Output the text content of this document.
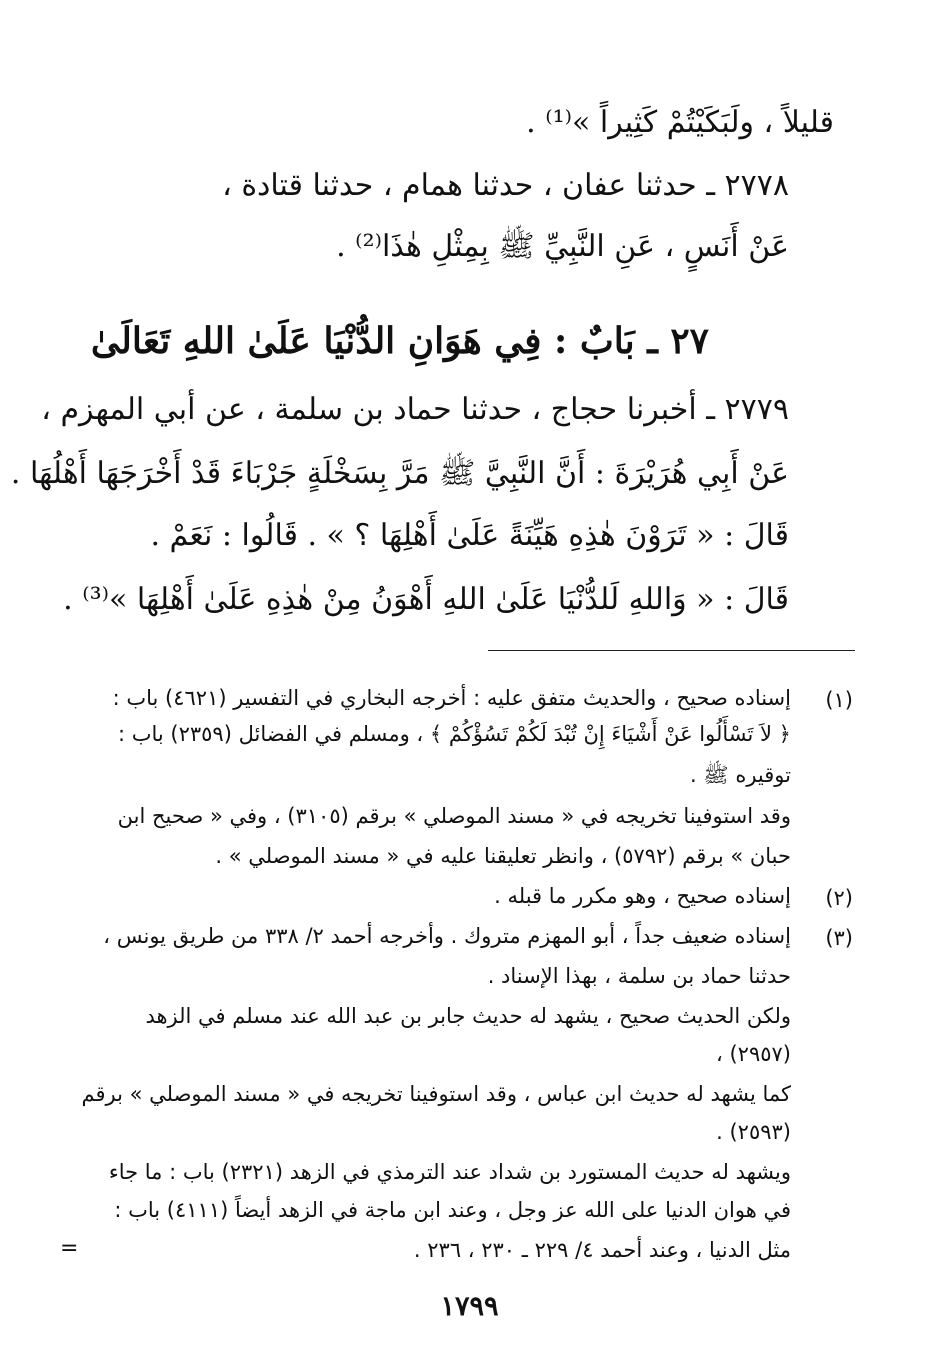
قليلاً ، ولَبَكَيْتُمْ كَثِيراً »⁽¹⁾ .
٢٧٧٨ ـ حدثنا عفان ، حدثنا همام ، حدثنا قتادة ،
عَنْ أَنَسٍ ، عَنِ النَّبِيِّ ﷺ بِمِثْلِ هٰذَا⁽²⁾ .
٢٧ ـ بَابٌ : فِي هَوَانِ الدُّنْيَا عَلَىٰ اللهِ تَعَالَىٰ
٢٧٧٩ ـ أخبرنا حجاج ، حدثنا حماد بن سلمة ، عن أبي المهزم ،
عَنْ أَبِي هُرَيْرَةَ : أَنَّ النَّبِيَّ ﷺ مَرَّ بِسَخْلَةٍ جَرْبَاءَ قَدْ أَخْرَجَهَا أَهْلُهَا .
قَالَ : « تَرَوْنَ هٰذِهِ هَيِّنَةً عَلَىٰ أَهْلِهَا ؟ » . قَالُوا : نَعَمْ .
قَالَ : « وَاللهِ لَلدُّنْيَا عَلَىٰ اللهِ أَهْوَنُ مِنْ هٰذِهِ عَلَىٰ أَهْلِهَا »⁽³⁾ .
(١)
إسناده صحيح ، والحديث متفق عليه : أخرجه البخاري في التفسير (٤٦٢١) باب :
﴿ لاَ تَسْأَلُوا عَنْ أَشْيَاءَ إِنْ تُبْدَ لَكُمْ تَسُؤْكُمْ ﴾ ، ومسلم في الفضائل (٢٣٥٩) باب :
توقيره ﷺ .
وقد استوفينا تخريجه في « مسند الموصلي » برقم (٣١٠٥) ، وفي « صحيح ابن
حبان » برقم (٥٧٩٢) ، وانظر تعليقنا عليه في « مسند الموصلي » .
(٢)
إسناده صحيح ، وهو مكرر ما قبله .
(٣)
إسناده ضعيف جداً ، أبو المهزم متروك . وأخرجه أحمد ٢/ ٣٣٨ من طريق يونس ،
حدثنا حماد بن سلمة ، بهذا الإسناد .
ولكن الحديث صحيح ، يشهد له حديث جابر بن عبد الله عند مسلم في الزهد
(٢٩٥٧) ،
كما يشهد له حديث ابن عباس ، وقد استوفينا تخريجه في « مسند الموصلي » برقم
(٢٥٩٣) .
ويشهد له حديث المستورد بن شداد عند الترمذي في الزهد (٢٣٢١) باب : ما جاء
في هوان الدنيا على الله عز وجل ، وعند ابن ماجة في الزهد أيضاً (٤١١١) باب :
مثل الدنيا ، وعند أحمد ٤/ ٢٢٩ ـ ٢٣٠ ، ٢٣٦ .
=
١٧٩٩
